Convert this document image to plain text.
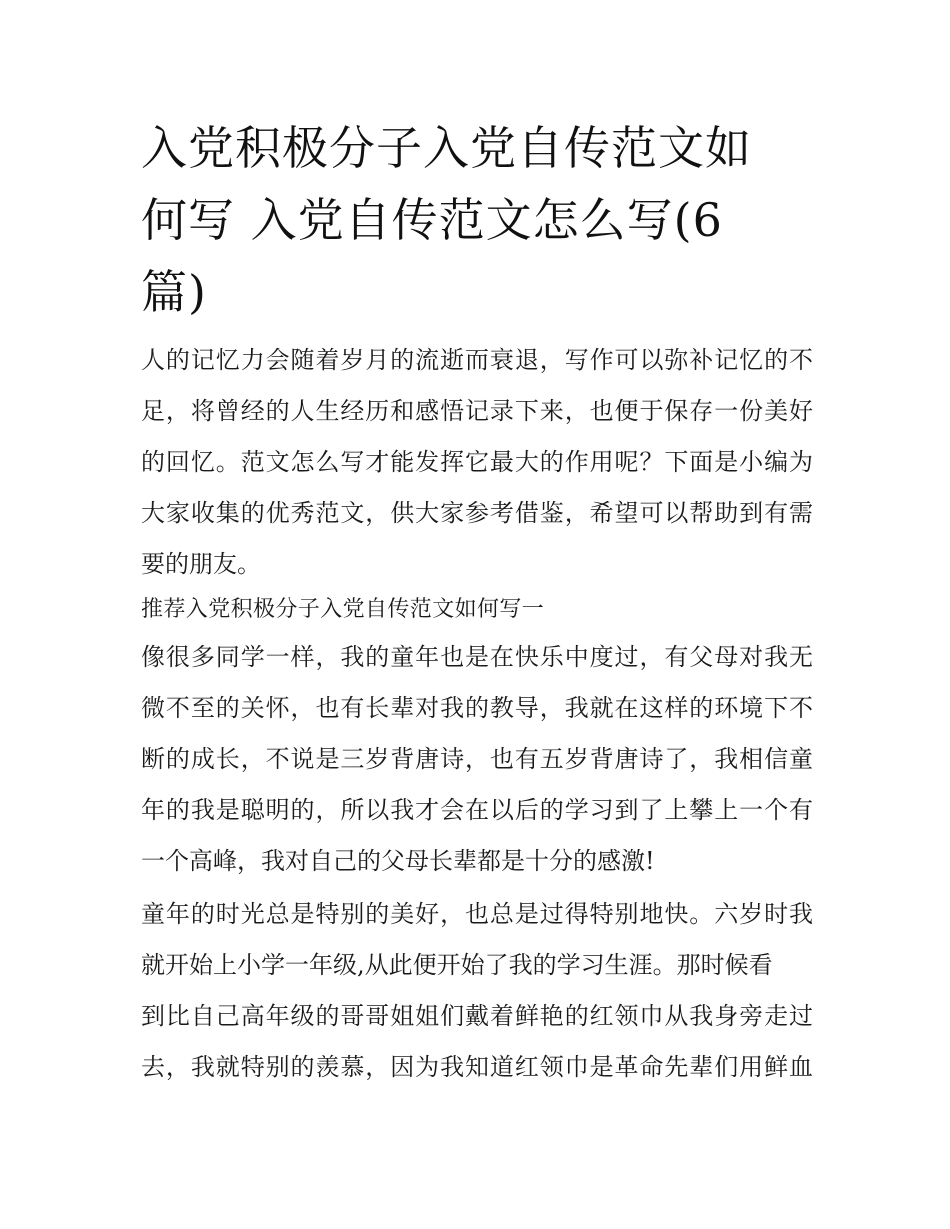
入党积极分子入党自传范文如
何写 入党自传范文怎么写(6
篇)

人的记忆力会随着岁月的流逝而衰退，写作可以弥补记忆的不
足，将曾经的人生经历和感悟记录下来，也便于保存一份美好
的回忆。范文怎么写才能发挥它最大的作用呢？下面是小编为
大家收集的优秀范文，供大家参考借鉴，希望可以帮助到有需
要的朋友。

推荐入党积极分子入党自传范文如何写一

像很多同学一样，我的童年也是在快乐中度过，有父母对我无
微不至的关怀，也有长辈对我的教导，我就在这样的环境下不
断的成长，不说是三岁背唐诗，也有五岁背唐诗了，我相信童
年的我是聪明的，所以我才会在以后的学习到了上攀上一个有
一个高峰，我对自己的父母长辈都是十分的感激!

童年的时光总是特别的美好，也总是过得特别地快。六岁时我
就开始上小学一年级,从此便开始了我的学习生涯。那时候看
到比自己高年级的哥哥姐姐们戴着鲜艳的红领巾从我身旁走过
去，我就特别的羡慕，因为我知道红领巾是革命先辈们用鲜血
